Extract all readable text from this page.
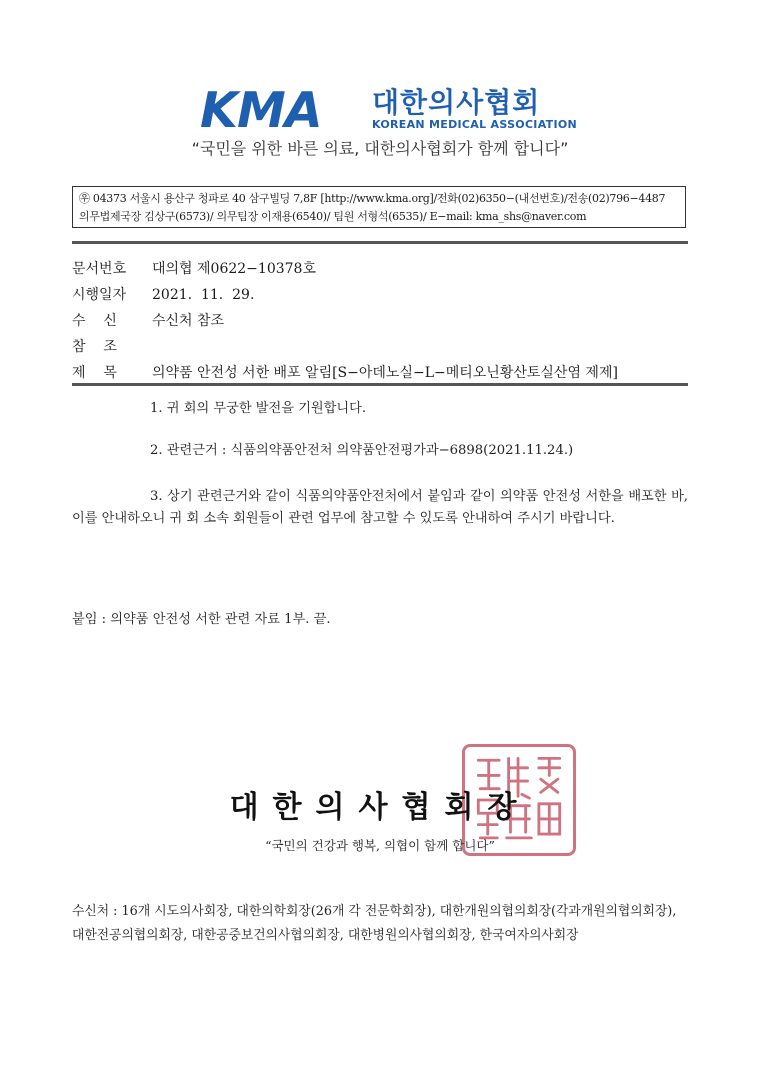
KMA 대한의사협회
KOREAN MEDICAL ASSOCIATION
“국민을 위한 바른 의료, 대한의사협회가 함께 합니다”
㉾ 04373 서울시 용산구 청파로 40 삼구빌딩 7,8F [http://www.kma.org]/전화(02)6350−(내선번호)/전송(02)796−4487
의무법제국장 김상구(6573)/ 의무팀장 이재용(6540)/ 팀원 서형석(6535)/ E−mail: kma_shs@naver.com
문서번호	대의협 제0622−10378호
시행일자	2021.  11.  29.
수    신	수신처 참조
참    조
제    목	의약품 안전성 서한 배포 알림[S−아데노실−L−메티오닌황산토실산염 제제]
1. 귀 회의 무궁한 발전을 기원합니다.
2. 관련근거 : 식품의약품안전처 의약품안전평가과−6898(2021.11.24.)
3. 상기 관련근거와 같이 식품의약품안전처에서 붙임과 같이 의약품 안전성 서한을 배포한 바, 이를 안내하오니 귀 회 소속 회원들이 관련 업무에 참고할 수 있도록 안내하여 주시기 바랍니다.
붙임 : 의약품 안전성 서한 관련 자료 1부. 끝.
대한의사협회장
“국민의 건강과 행복, 의협이 함께 합니다”
수신처 : 16개 시도의사회장, 대한의학회장(26개 각 전문학회장), 대한개원의협의회장(각과개원의협의회장), 대한전공의협의회장, 대한공중보건의사협의회장, 대한병원의사협의회장, 한국여자의사회장
